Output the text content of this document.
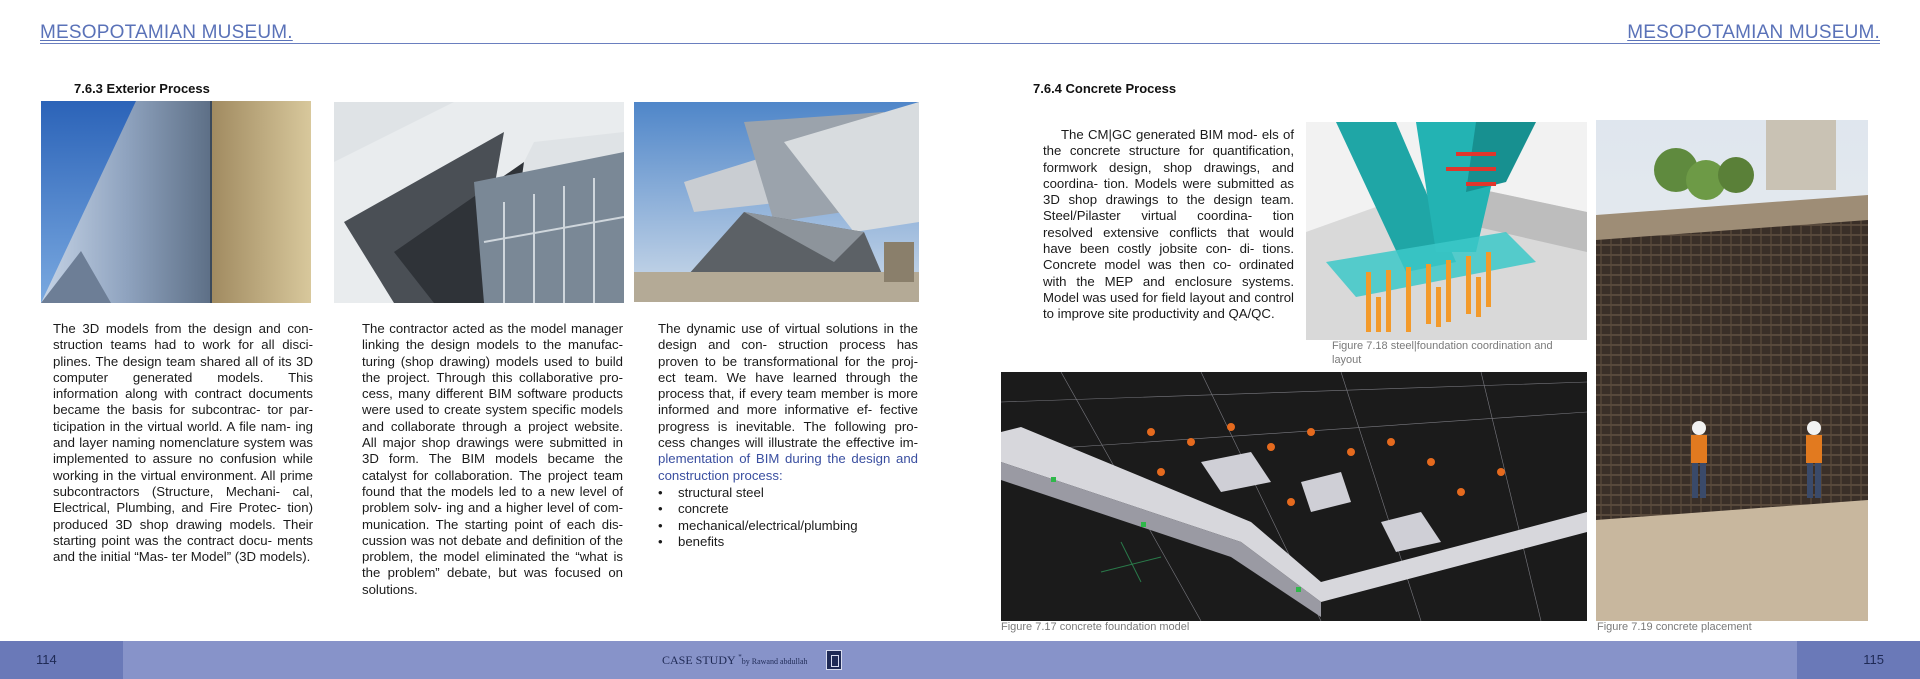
MESOPOTAMIAN MUSEUM.	MESOPOTAMIAN MUSEUM.
7.6.3 Exterior Process
The 3D models from the design and con- struction teams had to work for all disci- plines. The design team shared all of its 3D computer generated models. This information along with contract documents became the basis for subcontrac- tor par- ticipation in the virtual world. A file nam- ing and layer naming nomenclature system was implemented to assure no confusion while working in the virtual environment. All prime subcontractors (Structure, Mechani- cal, Electrical, Plumbing, and Fire Protec- tion) produced 3D shop drawing models. Their starting point was the contract docu- ments and the initial “Mas- ter Model” (3D models).
The contractor acted as the model manager linking the design models to the manufac- turing (shop drawing) models used to build the project. Through this collaborative pro- cess, many different BIM software products were used to create system specific models and collaborate through a project website. All major shop drawings were submitted in 3D form. The BIM models became the catalyst for collaboration. The project team found that the models led to a new level of problem solv- ing and a higher level of com- munication. The starting point of each dis- cussion was not debate and definition of the problem, the model eliminated the “what is the problem” debate, but was focused on solutions.
The dynamic use of virtual solutions in the design and con- struction process has proven to be transformational for the proj- ect team. We have learned through the process that, if every team member is more informed and more informative ef- fective progress is inevitable. The following pro- cess changes will illustrate the effective im- plementation of BIM during the design and construction process:
• structural steel
• concrete
• mechanical/electrical/plumbing
• benefits
7.6.4 Concrete Process
The CM|GC generated BIM mod- els of the concrete structure for quantification, formwork design, shop drawings, and coordina- tion. Models were submitted as 3D shop drawings to the design team. Steel/Pilaster virtual coordina- tion resolved extensive conflicts that would have been costly jobsite con- di- tions. Concrete model was then co- ordinated with the MEP and enclosure systems. Model was used for field layout and control to improve site productivity and QA/QC.
Figure 7.18 steel|foundation coordination and layout
Figure 7.17 concrete foundation model	Figure 7.19 concrete placement
114	115
CASE STUDY *by Rawand abdullah
